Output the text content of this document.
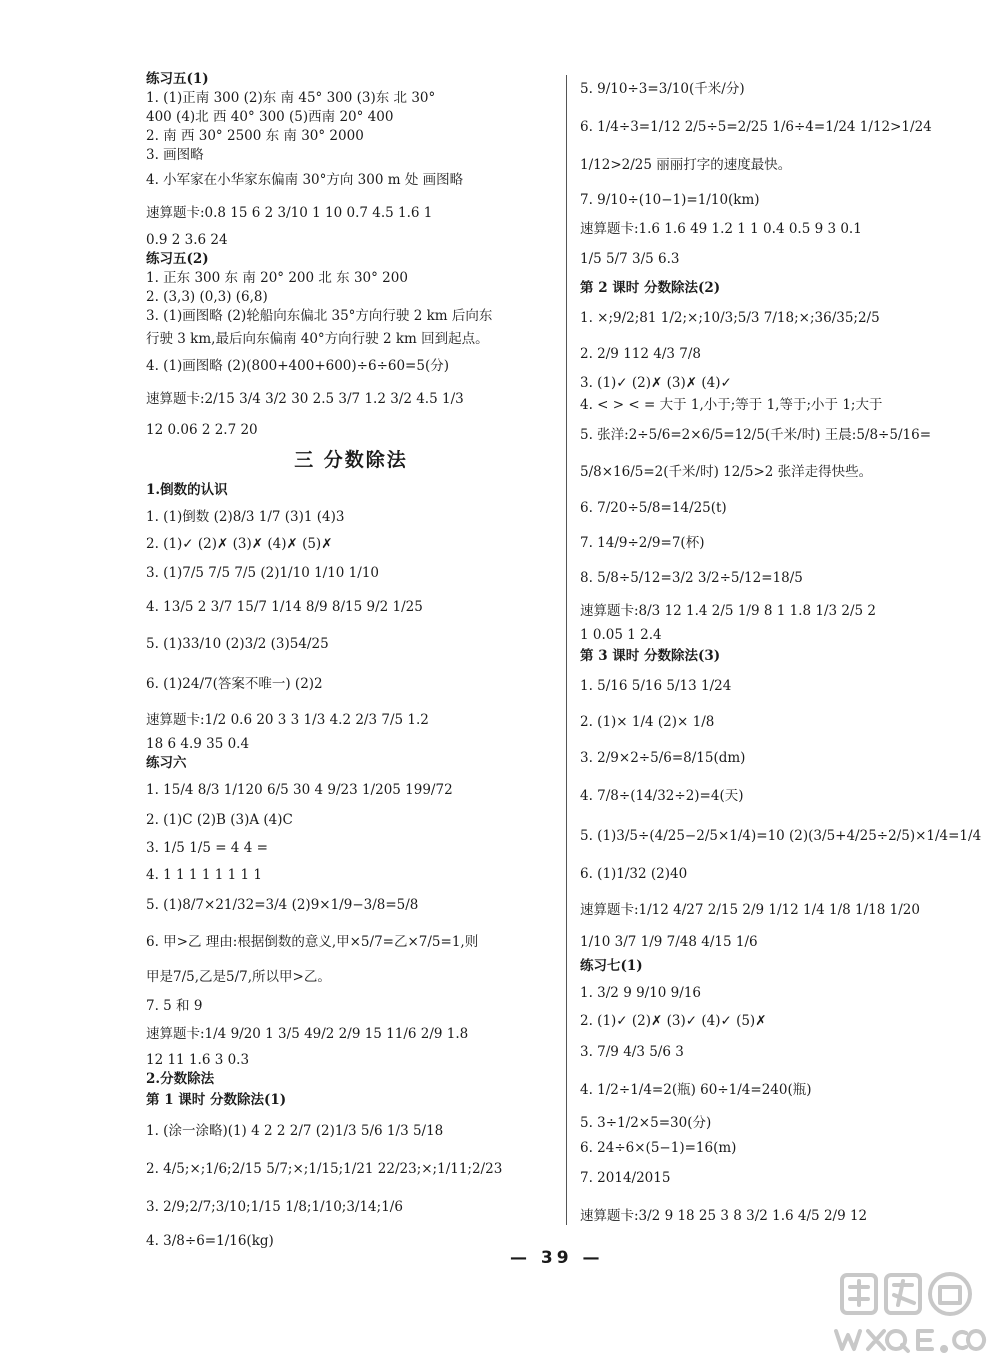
练习五(1)
1. (1)正南 300 (2)东 南 45° 300 (3)东 北 30°
400 (4)北 西 40° 300 (5)西南 20° 400
2. 南 西 30° 2500 东 南 30° 2000
3. 画图略
4. 小军家在小华家东偏南 30°方向 300 m 处 画图略
速算题卡:0.8 15 6 2 3/10 1 10 0.7 4.5 1.6 1
0.9 2 3.6 24
练习五(2)
1. 正东 300 东 南 20° 200 北 东 30° 200
2. (3,3) (0,3) (6,8)
3. (1)画图略 (2)轮船向东偏北 35°方向行驶 2 km 后向东
行驶 3 km,最后向东偏南 40°方向行驶 2 km 回到起点。
4. (1)画图略 (2)(800+400+600)÷6÷60=5(分)
速算题卡:2/15 3/4 3/2 30 2.5 3/7 1.2 3/2 4.5 1/3
12 0.06 2 2.7 20
三 分数除法
1.倒数的认识
1. (1)倒数 (2)8/3 1/7 (3)1 (4)3
2. (1)✓ (2)✗ (3)✗ (4)✗ (5)✗
3. (1)7/5 7/5 7/5 (2)1/10 1/10 1/10
4. 13/5 2 3/7 15/7 1/14 8/9 8/15 9/2 1/25
5. (1)33/10 (2)3/2 (3)54/25
6. (1)24/7(答案不唯一) (2)2
速算题卡:1/2 0.6 20 3 3 1/3 4.2 2/3 7/5 1.2
18 6 4.9 35 0.4
练习六
1. 15/4 8/3 1/120 6/5 30 4 9/23 1/205 199/72
2. (1)C (2)B (3)A (4)C
3. 1/5 1/5 = 4 4 =
4. 1 1 1 1 1 1 1 1
5. (1)8/7×21/32=3/4 (2)9×1/9−3/8=5/8
6. 甲>乙 理由:根据倒数的意义,甲×5/7=乙×7/5=1,则
甲是7/5,乙是5/7,所以甲>乙。
7. 5 和 9
速算题卡:1/4 9/20 1 3/5 49/2 2/9 15 11/6 2/9 1.8
12 11 1.6 3 0.3
2.分数除法
第 1 课时 分数除法(1)
1. (涂一涂略)(1) 4 2 2 2/7 (2)1/3 5/6 1/3 5/18
2. 4/5;×;1/6;2/15 5/7;×;1/15;1/21 22/23;×;1/11;2/23
3. 2/9;2/7;3/10;1/15 1/8;1/10;3/14;1/6
4. 3/8÷6=1/16(kg)
5. 9/10÷3=3/10(千米/分)
6. 1/4÷3=1/12 2/5÷5=2/25 1/6÷4=1/24 1/12>1/24
1/12>2/25 丽丽打字的速度最快。
7. 9/10÷(10−1)=1/10(km)
速算题卡:1.6 1.6 49 1.2 1 1 0.4 0.5 9 3 0.1
1/5 5/7 3/5 6.3
第 2 课时 分数除法(2)
1. ×;9/2;81 1/2;×;10/3;5/3 7/18;×;36/35;2/5
2. 2/9 112 4/3 7/8
3. (1)✓ (2)✗ (3)✗ (4)✓
4. < > < = 大于 1,小于;等于 1,等于;小于 1;大于
5. 张洋:2÷5/6=2×6/5=12/5(千米/时) 王晨:5/8÷5/16=
5/8×16/5=2(千米/时) 12/5>2 张洋走得快些。
6. 7/20÷5/8=14/25(t)
7. 14/9÷2/9=7(杯)
8. 5/8÷5/12=3/2 3/2÷5/12=18/5
速算题卡:8/3 12 1.4 2/5 1/9 8 1 1.8 1/3 2/5 2
1 0.05 1 2.4
第 3 课时 分数除法(3)
1. 5/16 5/16 5/13 1/24
2. (1)× 1/4 (2)× 1/8
3. 2/9×2÷5/6=8/15(dm)
4. 7/8÷(14/32÷2)=4(天)
5. (1)3/5÷(4/25−2/5×1/4)=10 (2)(3/5+4/25÷2/5)×1/4=1/4
6. (1)1/32 (2)40
速算题卡:1/12 4/27 2/15 2/9 1/12 1/4 1/8 1/18 1/20
1/10 3/7 1/9 7/48 4/15 1/6
练习七(1)
1. 3/2 9 9/10 9/16
2. (1)✓ (2)✗ (3)✓ (4)✓ (5)✗
3. 7/9 4/3 5/6 3
4. 1/2÷1/4=2(瓶) 60÷1/4=240(瓶)
5. 3÷1/2×5=30(分)
6. 24÷6×(5−1)=16(m)
7. 2014/2015
速算题卡:3/2 9 18 25 3 8 3/2 1.6 4/5 2/9 12
— 39 —
